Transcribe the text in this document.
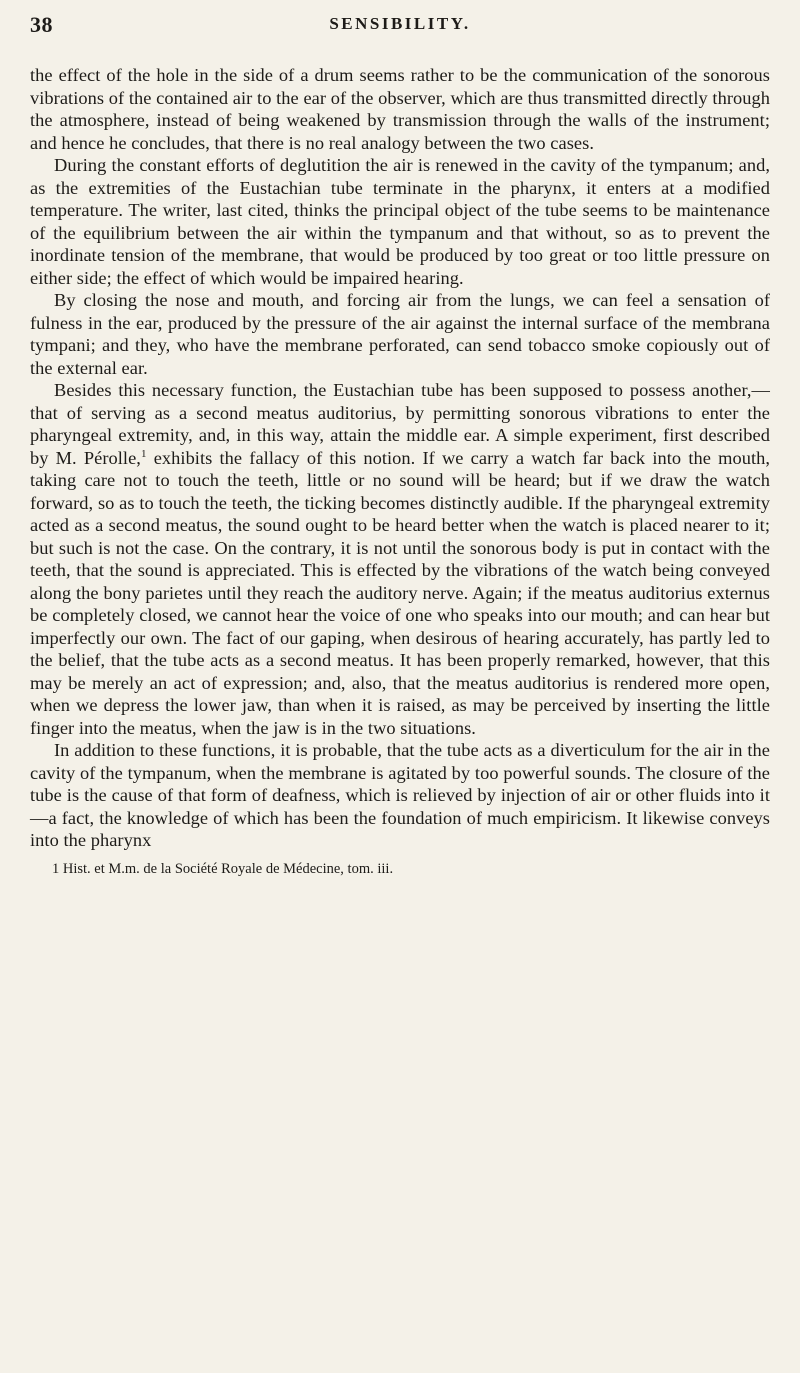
38	SENSIBILITY.

the effect of the hole in the side of a drum seems rather to be the communication of the sonorous vibrations of the contained air to the ear of the observer, which are thus transmitted directly through the atmosphere, instead of being weakened by transmission through the walls of the instrument; and hence he concludes, that there is no real analogy between the two cases.

During the constant efforts of deglutition the air is renewed in the cavity of the tympanum; and, as the extremities of the Eustachian tube terminate in the pharynx, it enters at a modified temperature. The writer, last cited, thinks the principal object of the tube seems to be maintenance of the equilibrium between the air within the tympanum and that without, so as to prevent the inordinate tension of the membrane, that would be produced by too great or too little pressure on either side; the effect of which would be impaired hearing.

By closing the nose and mouth, and forcing air from the lungs, we can feel a sensation of fulness in the ear, produced by the pressure of the air against the internal surface of the membrana tympani; and they, who have the membrane perforated, can send tobacco smoke copiously out of the external ear.

Besides this necessary function, the Eustachian tube has been supposed to possess another,—that of serving as a second meatus auditorius, by permitting sonorous vibrations to enter the pharyngeal extremity, and, in this way, attain the middle ear. A simple experiment, first described by M. Pérolle,$^1$ exhibits the fallacy of this notion. If we carry a watch far back into the mouth, taking care not to touch the teeth, little or no sound will be heard; but if we draw the watch forward, so as to touch the teeth, the ticking becomes distinctly audible. If the pharyngeal extremity acted as a second meatus, the sound ought to be heard better when the watch is placed nearer to it; but such is not the case. On the contrary, it is not until the sonorous body is put in contact with the teeth, that the sound is appreciated. This is effected by the vibrations of the watch being conveyed along the bony parietes until they reach the auditory nerve. Again; if the meatus auditorius externus be completely closed, we cannot hear the voice of one who speaks into our mouth; and can hear but imperfectly our own. The fact of our gaping, when desirous of hearing accurately, has partly led to the belief, that the tube acts as a second meatus. It has been properly remarked, however, that this may be merely an act of expression; and, also, that the meatus auditorius is rendered more open, when we depress the lower jaw, than when it is raised, as may be perceived by inserting the little finger into the meatus, when the jaw is in the two situations.

In addition to these functions, it is probable, that the tube acts as a diverticulum for the air in the cavity of the tympanum, when the membrane is agitated by too powerful sounds. The closure of the tube is the cause of that form of deafness, which is relieved by injection of air or other fluids into it—a fact, the knowledge of which has been the foundation of much empiricism. It likewise conveys into the pharynx

1 Hist. et M.m. de la Société Royale de Médecine, tom. iii.
